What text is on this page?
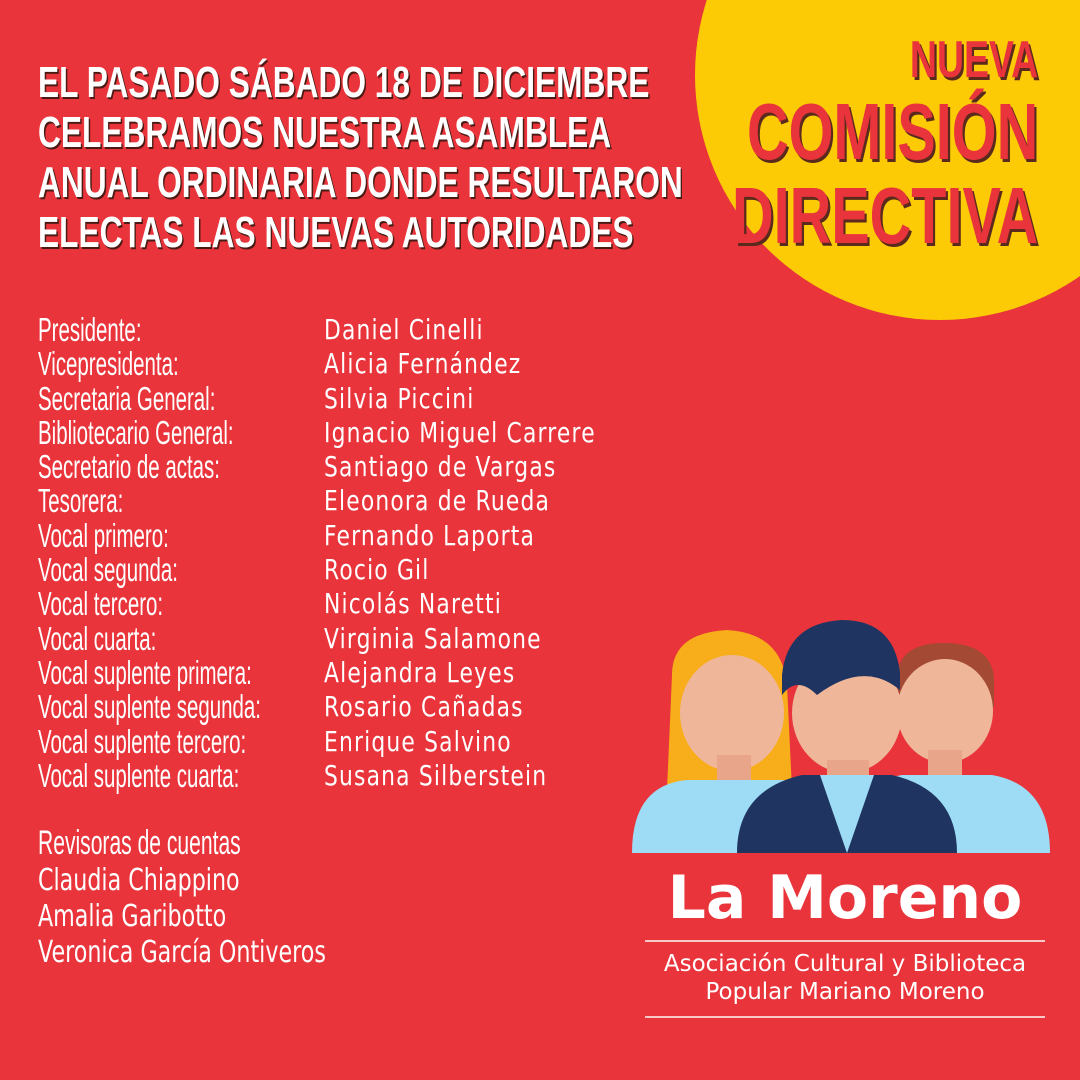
NUEVA
COMISIÓN
DIRECTIVA
EL PASADO SÁBADO 18 DE DICIEMBRE
CELEBRAMOS NUESTRA ASAMBLEA
ANUAL ORDINARIA DONDE RESULTARON
ELECTAS LAS NUEVAS AUTORIDADES
Presidente:	Daniel Cinelli
Vicepresidenta:	Alicia Fernández
Secretaria General:	Silvia Piccini
Bibliotecario General:	Ignacio Miguel Carrere
Secretario de actas:	Santiago de Vargas
Tesorera:	Eleonora de Rueda
Vocal primero:	Fernando Laporta
Vocal segunda:	Rocio Gil
Vocal tercero:	Nicolás Naretti
Vocal cuarta:	Virginia Salamone
Vocal suplente primera:	Alejandra Leyes
Vocal suplente segunda: Rosario Cañadas
Vocal suplente tercero:	Enrique Salvino
Vocal suplente cuarta:	Susana Silberstein
Revisoras de cuentas
Claudia Chiappino
Amalia Garibotto
Veronica García Ontiveros
La Moreno
Asociación Cultural y Biblioteca
Popular Mariano Moreno
